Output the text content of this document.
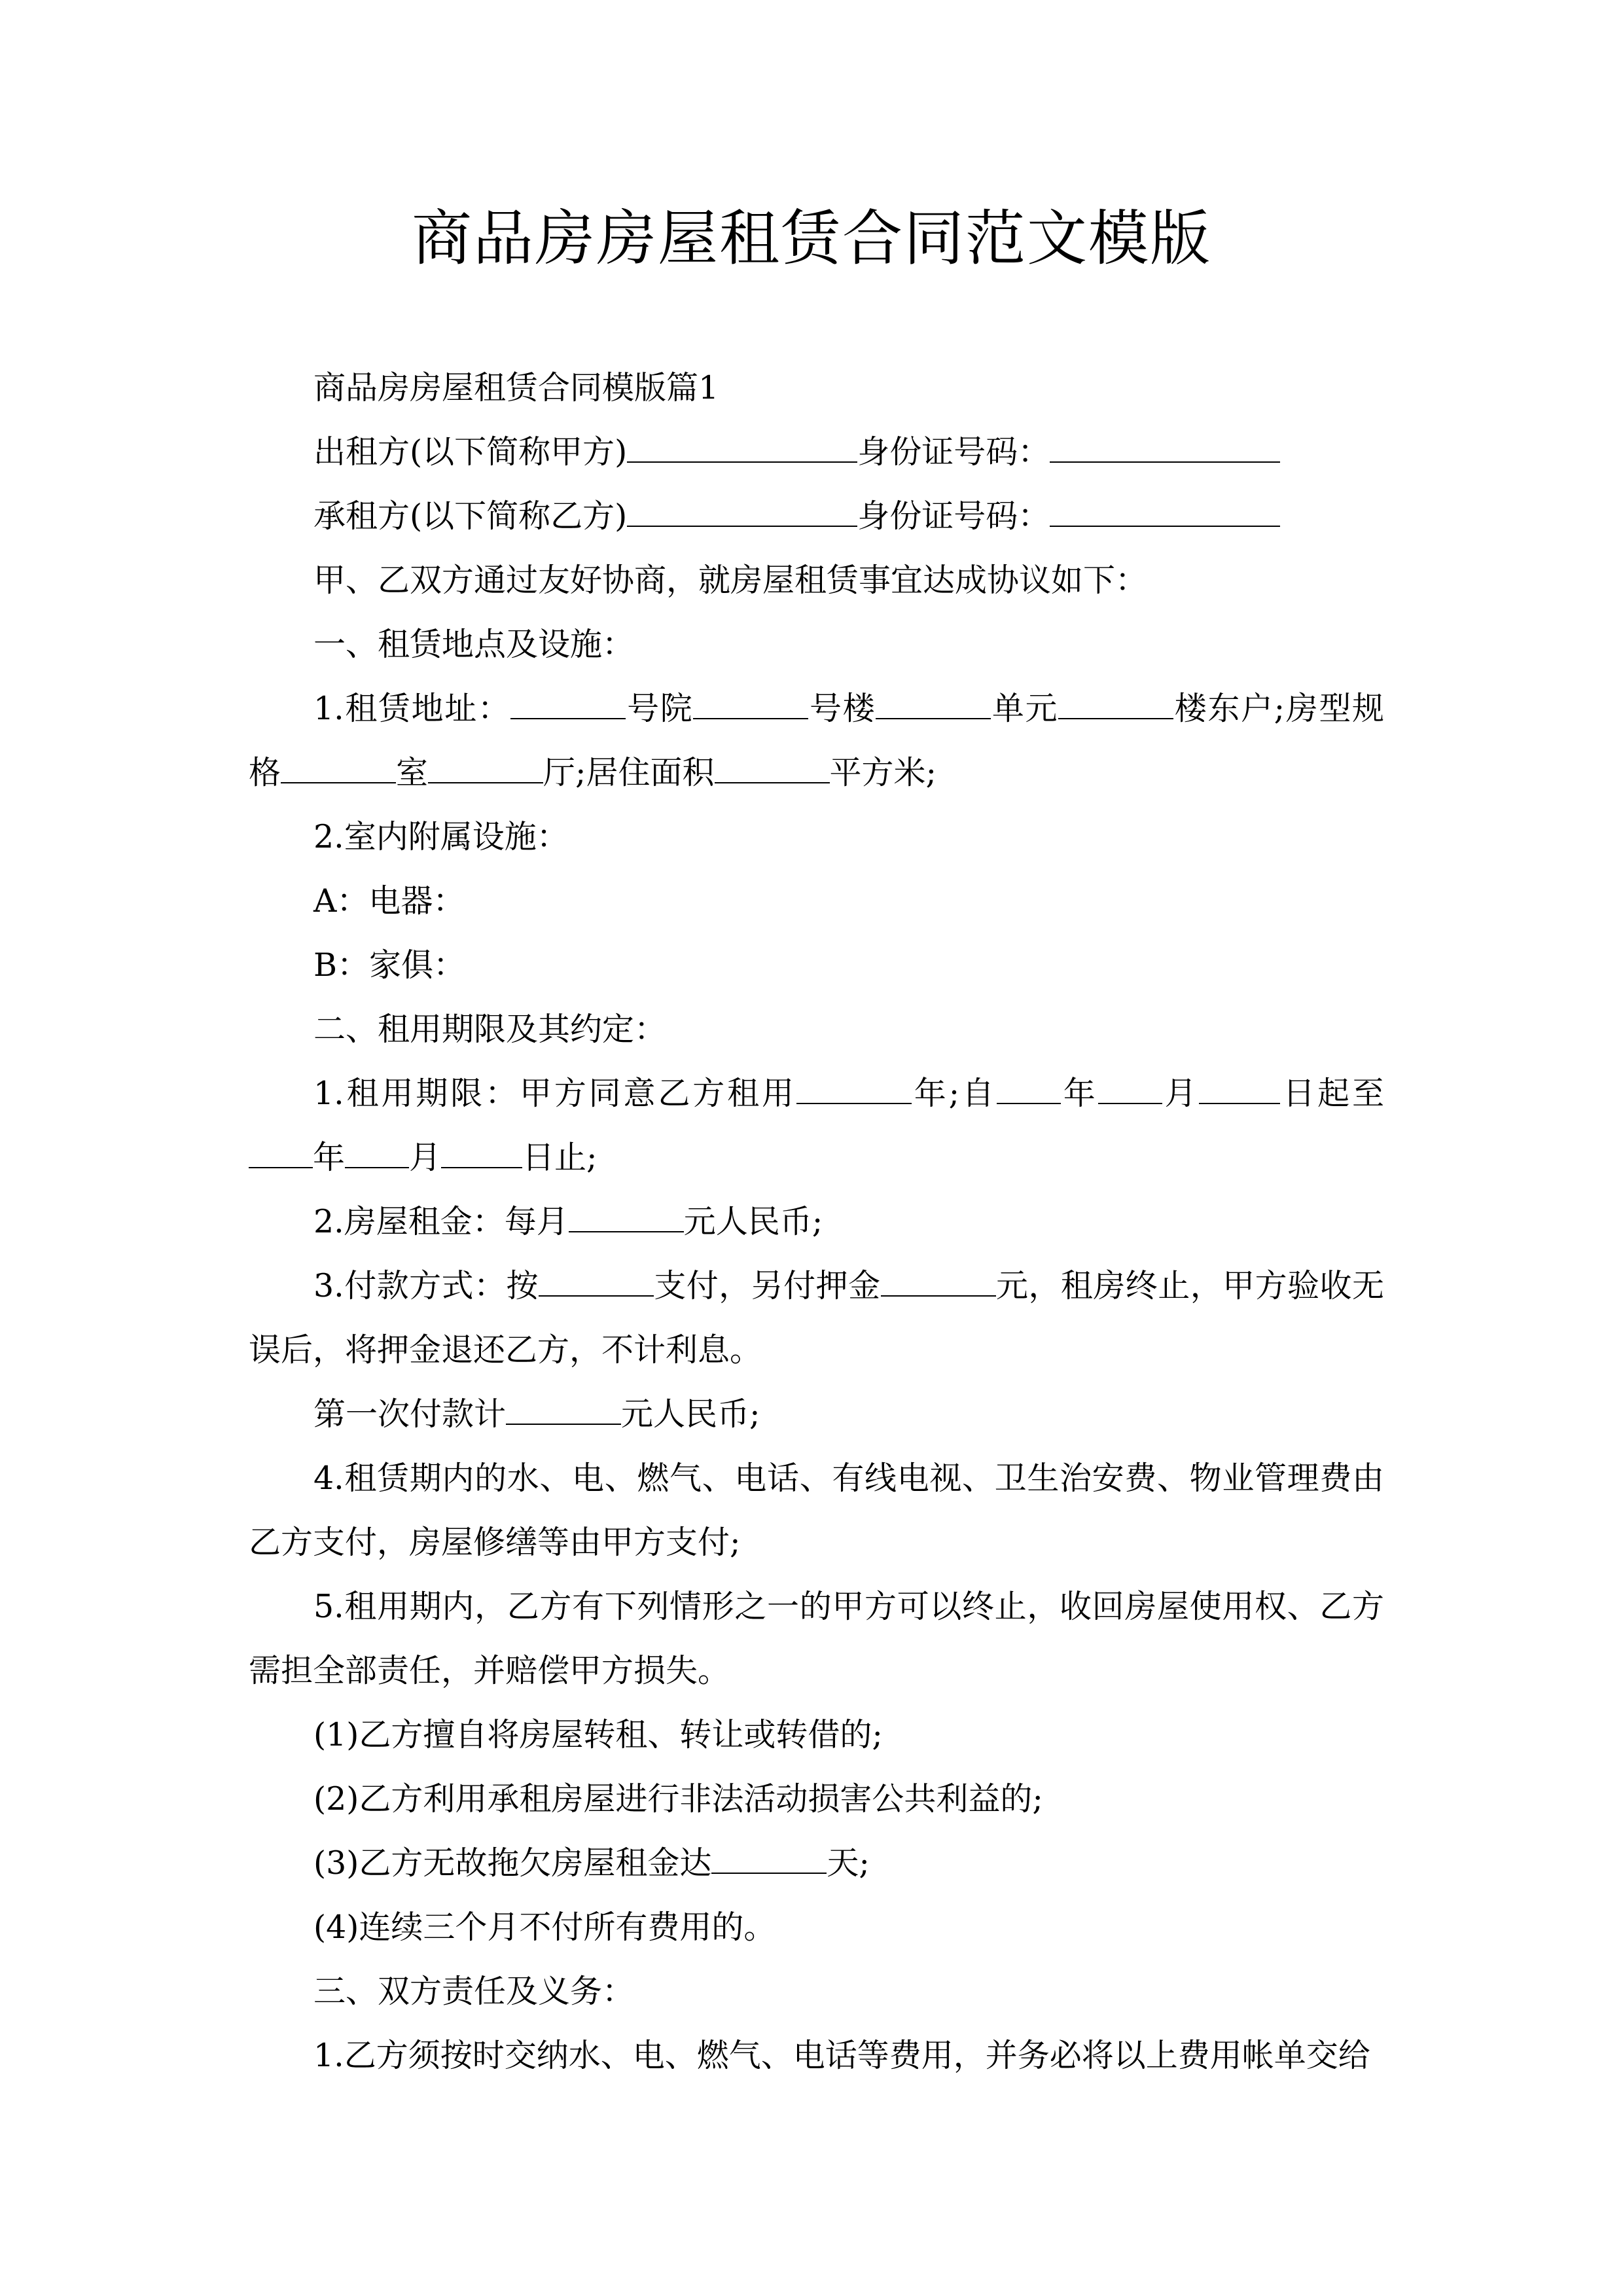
商品房房屋租赁合同范文模版

商品房房屋租赁合同模版篇1

出租方(以下简称甲方)	身份证号码：

承租方(以下简称乙方)	身份证号码：

甲、乙双方通过友好协商，就房屋租赁事宜达成协议如下：

一、租赁地点及设施：

1.租赁地址：	号院	号楼	单元	楼东户;房型规格	室	厅;居住面积	平方米;

2.室内附属设施：

A：电器：

B：家俱：

二、租用期限及其约定：

1.租用期限：甲方同意乙方租用	年;自 年 月	日起至年 月	日止;

2.房屋租金：每月	元人民币;

3.付款方式：按	支付，另付押金	元，租房终止，甲方验收无误后，将押金退还乙方，不计利息。

第一次付款计	元人民币;

4.租赁期内的水、电、燃气、电话、有线电视、卫生治安费、物业管理费由乙方支付，房屋修缮等由甲方支付;

5.租用期内，乙方有下列情形之一的甲方可以终止，收回房屋使用权、乙方需担全部责任，并赔偿甲方损失。

(1)乙方擅自将房屋转租、转让或转借的;

(2)乙方利用承租房屋进行非法活动损害公共利益的;

(3)乙方无故拖欠房屋租金达	天;

(4)连续三个月不付所有费用的。

三、双方责任及义务：

1.乙方须按时交纳水、电、燃气、电话等费用，并务必将以上费用帐单交给
